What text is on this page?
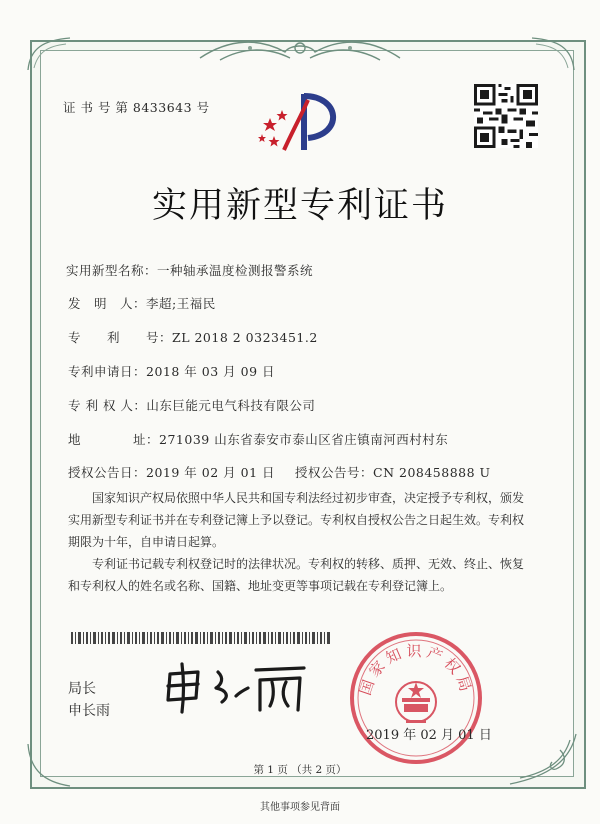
证 书 号 第 8433643 号
实用新型专利证书
实用新型名称：一种轴承温度检测报警系统
发　明　人：李超;王福民
专　　利　　号：ZL 2018 2 0323451.2
专利申请日：2018 年 03 月 09 日
专 利 权 人：山东巨能元电气科技有限公司
地　　　　址：271039 山东省泰安市泰山区省庄镇南河西村村东
授权公告日：2019 年 02 月 01 日 授权公告号：CN 208458888 U
国家知识产权局依照中华人民共和国专利法经过初步审查，决定授予专利权，颁发实用新型专利证书并在专利登记簿上予以登记。专利权自授权公告之日起生效。专利权期限为十年，自申请日起算。
专利证书记载专利权登记时的法律状况。专利权的转移、质押、无效、终止、恢复和专利权人的姓名或名称、国籍、地址变更等事项记载在专利登记簿上。
局长
申长雨
国家知识产权局
2019 年 02 月 01 日
第 1 页 （共 2 页）
其他事项参见背面
